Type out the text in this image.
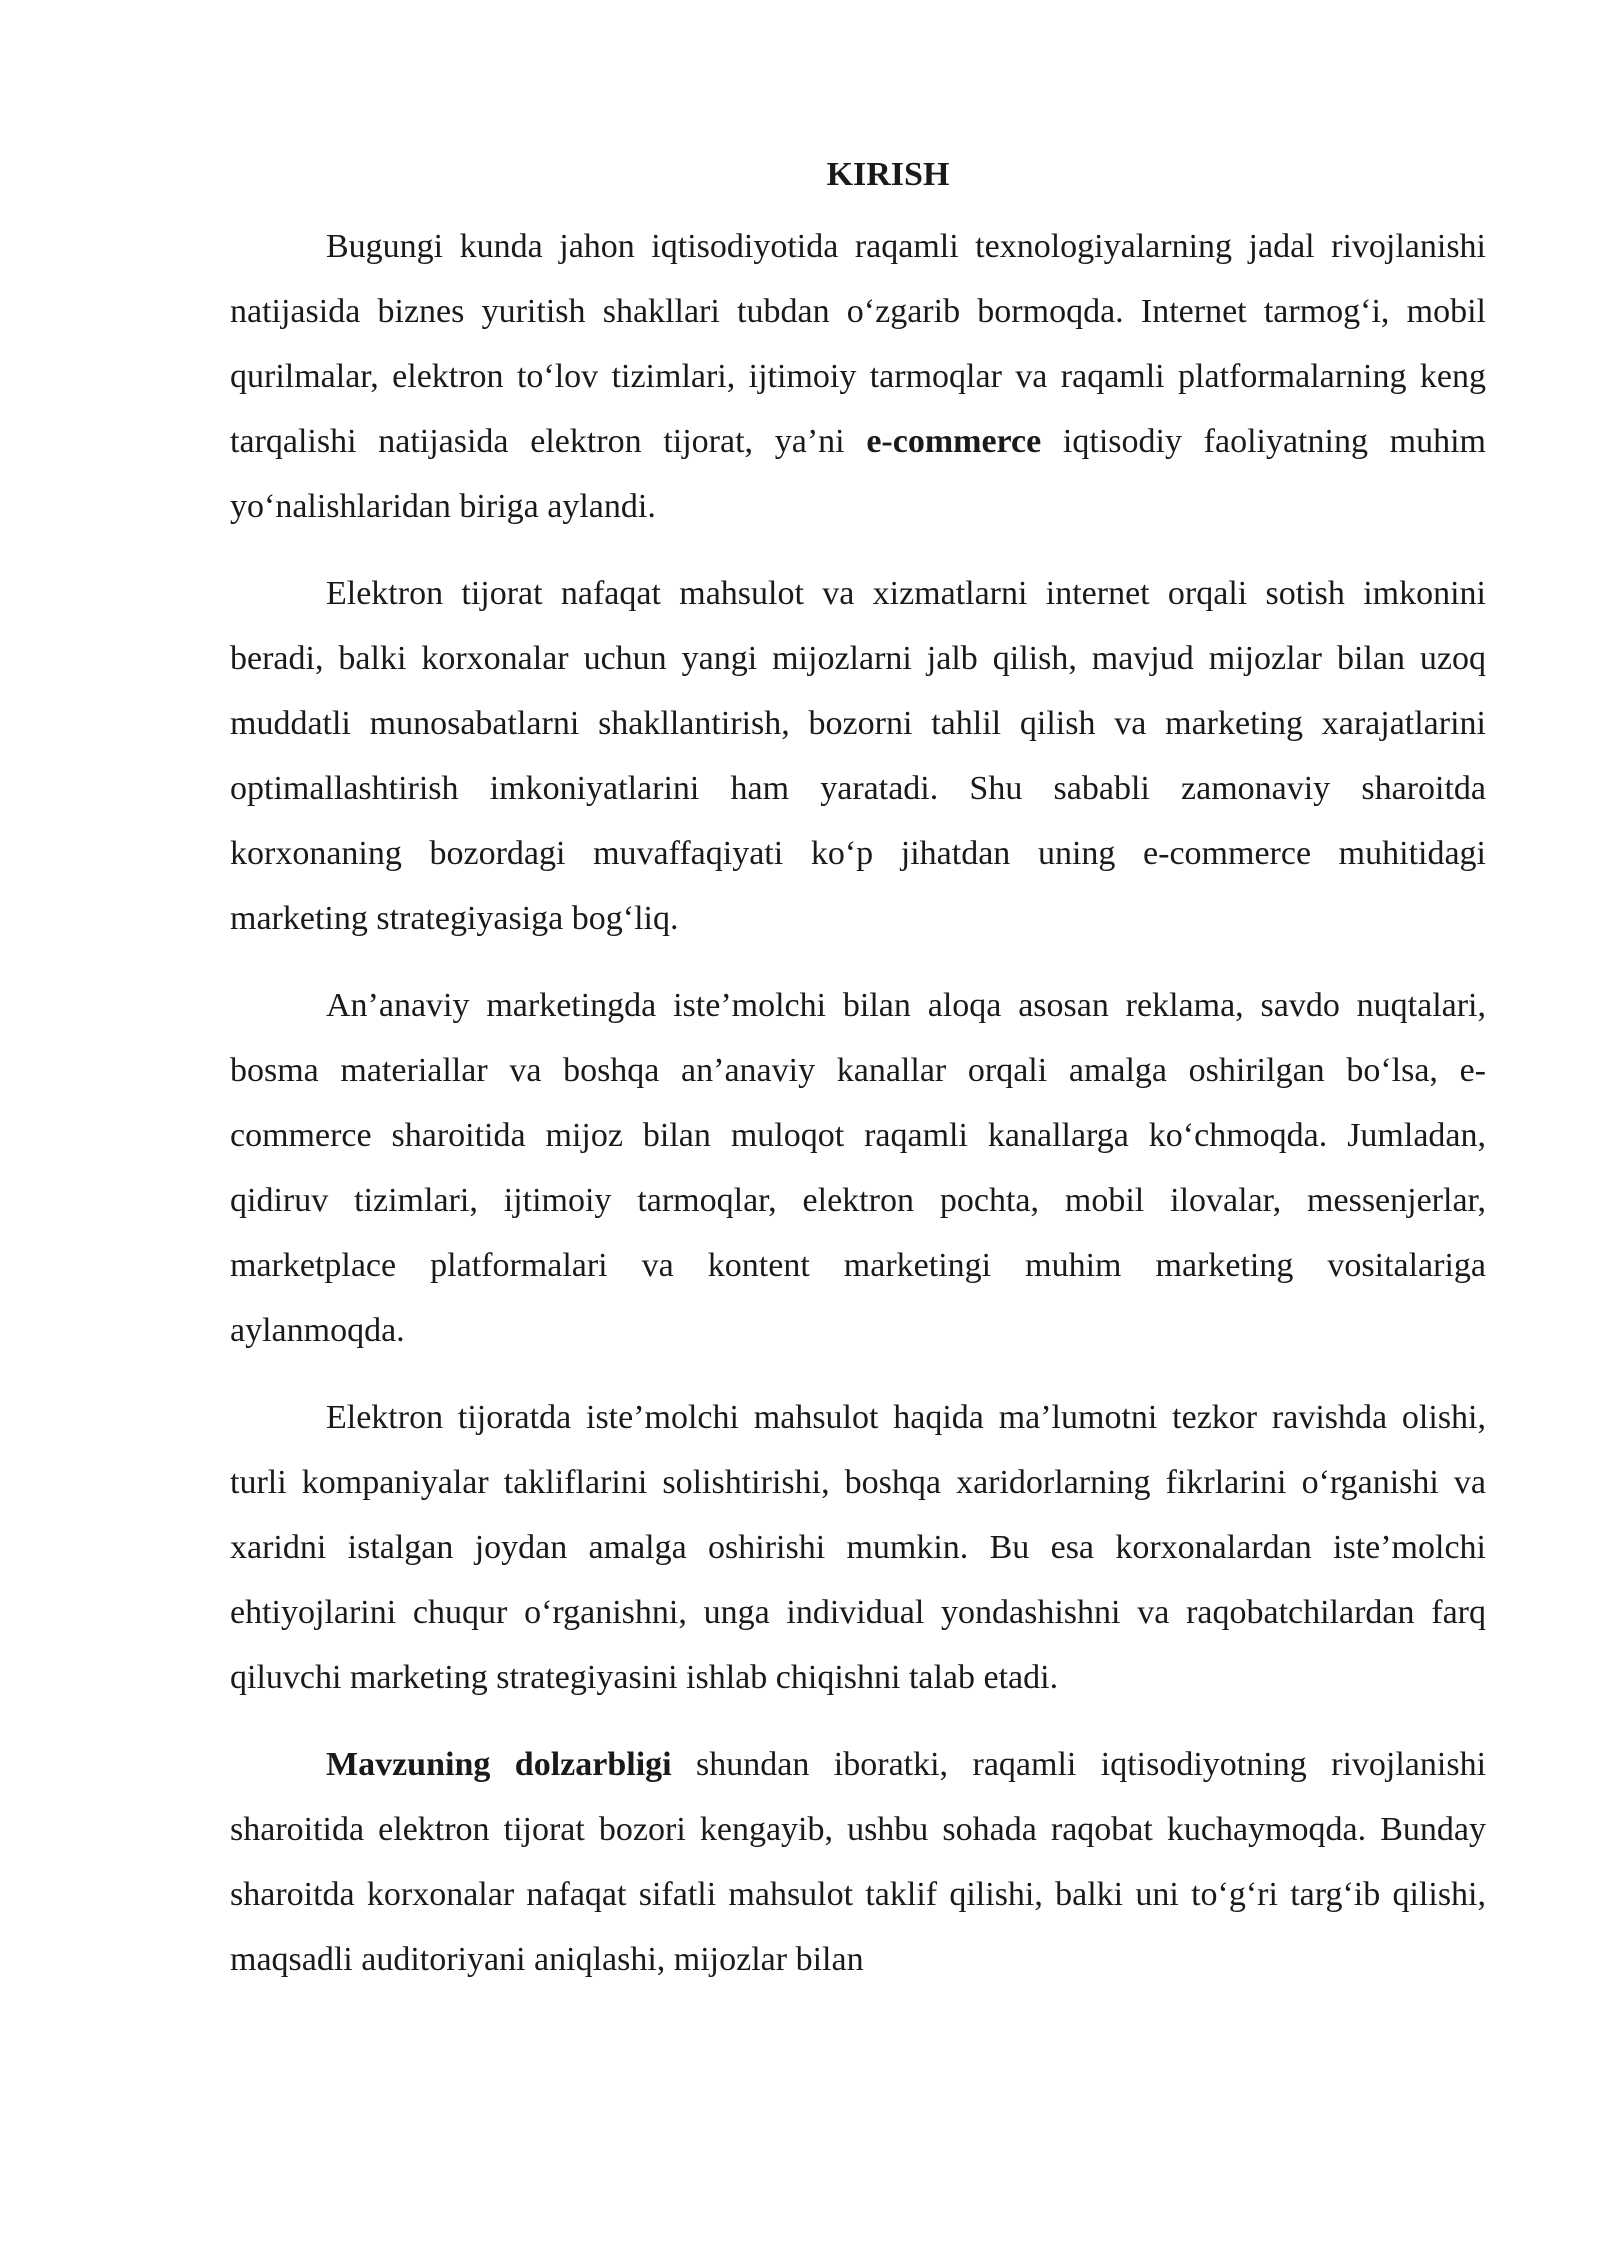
KIRISH

Bugungi kunda jahon iqtisodiyotida raqamli texnologiyalarning jadal rivojlanishi natijasida biznes yuritish shakllari tubdan o‘zgarib bormoqda. Internet tarmog‘i, mobil qurilmalar, elektron to‘lov tizimlari, ijtimoiy tarmoqlar va raqamli platformalarning keng tarqalishi natijasida elektron tijorat, ya’ni e-commerce iqtisodiy faoliyatning muhim yo‘nalishlaridan biriga aylandi.

Elektron tijorat nafaqat mahsulot va xizmatlarni internet orqali sotish imkonini beradi, balki korxonalar uchun yangi mijozlarni jalb qilish, mavjud mijozlar bilan uzoq muddatli munosabatlarni shakllantirish, bozorni tahlil qilish va marketing xarajatlarini optimallashtirish imkoniyatlarini ham yaratadi. Shu sababli zamonaviy sharoitda korxonaning bozordagi muvaffaqiyati ko‘p jihatdan uning e-commerce muhitidagi marketing strategiyasiga bog‘liq.

An’anaviy marketingda iste’molchi bilan aloqa asosan reklama, savdo nuqtalari, bosma materiallar va boshqa an’anaviy kanallar orqali amalga oshirilgan bo‘lsa, e-commerce sharoitida mijoz bilan muloqot raqamli kanallarga ko‘chmoqda. Jumladan, qidiruv tizimlari, ijtimoiy tarmoqlar, elektron pochta, mobil ilovalar, messenjerlar, marketplace platformalari va kontent marketingi muhim marketing vositalariga aylanmoqda.

Elektron tijoratda iste’molchi mahsulot haqida ma’lumotni tezkor ravishda olishi, turli kompaniyalar takliflarini solishtirishi, boshqa xaridorlarning fikrlarini o‘rganishi va xaridni istalgan joydan amalga oshirishi mumkin. Bu esa korxonalardan iste’molchi ehtiyojlarini chuqur o‘rganishni, unga individual yondashishni va raqobatchilardan farq qiluvchi marketing strategiyasini ishlab chiqishni talab etadi.

Mavzuning dolzarbligi shundan iboratki, raqamli iqtisodiyotning rivojlanishi sharoitida elektron tijorat bozori kengayib, ushbu sohada raqobat kuchaymoqda. Bunday sharoitda korxonalar nafaqat sifatli mahsulot taklif qilishi, balki uni to‘g‘ri targ‘ib qilishi, maqsadli auditoriyani aniqlashi, mijozlar bilan
